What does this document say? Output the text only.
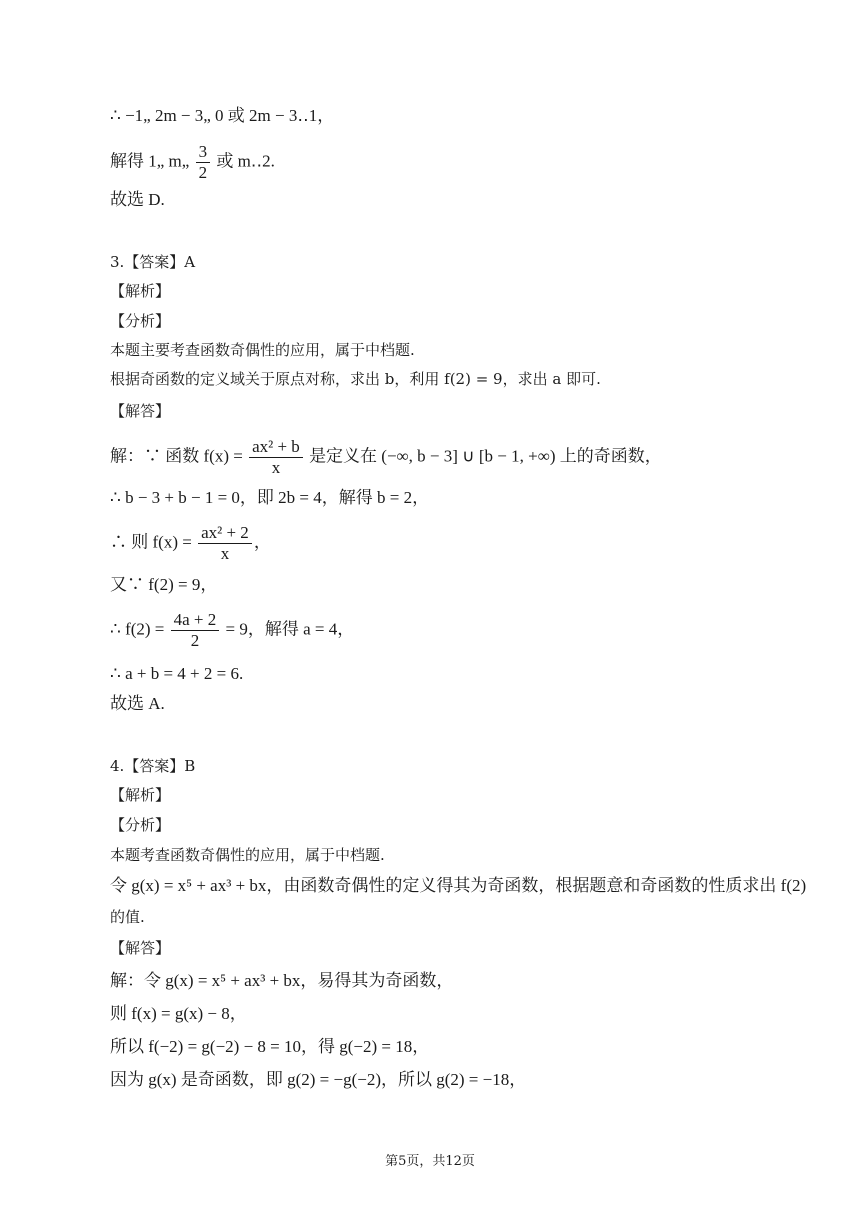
∴ −1„ 2m − 3„ 0 或 2m − 3‥1，
解得 1„ m„ $\frac{3}{2}$ 或 m‥2.
故选 D.
3.【答案】A
【解析】
【分析】
本题主要考查函数奇偶性的应用，属于中档题.
根据奇函数的定义域关于原点对称，求出 b，利用 f(2) = 9，求出 a 即可.
【解答】
解：∵ 函数 $f(x) = \frac{\text{ax² + b}}{x}$ 是定义在 (−∞, b − 3] ∪ [b − 1, +∞) 上的奇函数，
∴ b − 3 + b − 1 = 0，即 2b = 4，解得 b = 2，
∴ 则 $f(x) = \frac{\text{ax² + 2}}{x}$ ，
又∵ f(2) = 9，
∴ $f(2) = \frac{4a + 2}{2} = 9$，解得 a = 4，
∴ a + b = 4 + 2 = 6.
故选 A.
4.【答案】B
【解析】
【分析】
本题考查函数奇偶性的应用，属于中档题.
令 g(x) = x⁵ + ax³ + bx，由函数奇偶性的定义得其为奇函数，根据题意和奇函数的性质求出 f(2)
的值.
【解答】
解：令 g(x) = x⁵ + ax³ + bx，易得其为奇函数，
则 f(x) = g(x) − 8，
所以 f(−2) = g(−2) − 8 = 10，得 g(−2) = 18，
因为 g(x) 是奇函数，即 g(2) = −g(−2)，所以 g(2) = −18，
第5页，共12页
